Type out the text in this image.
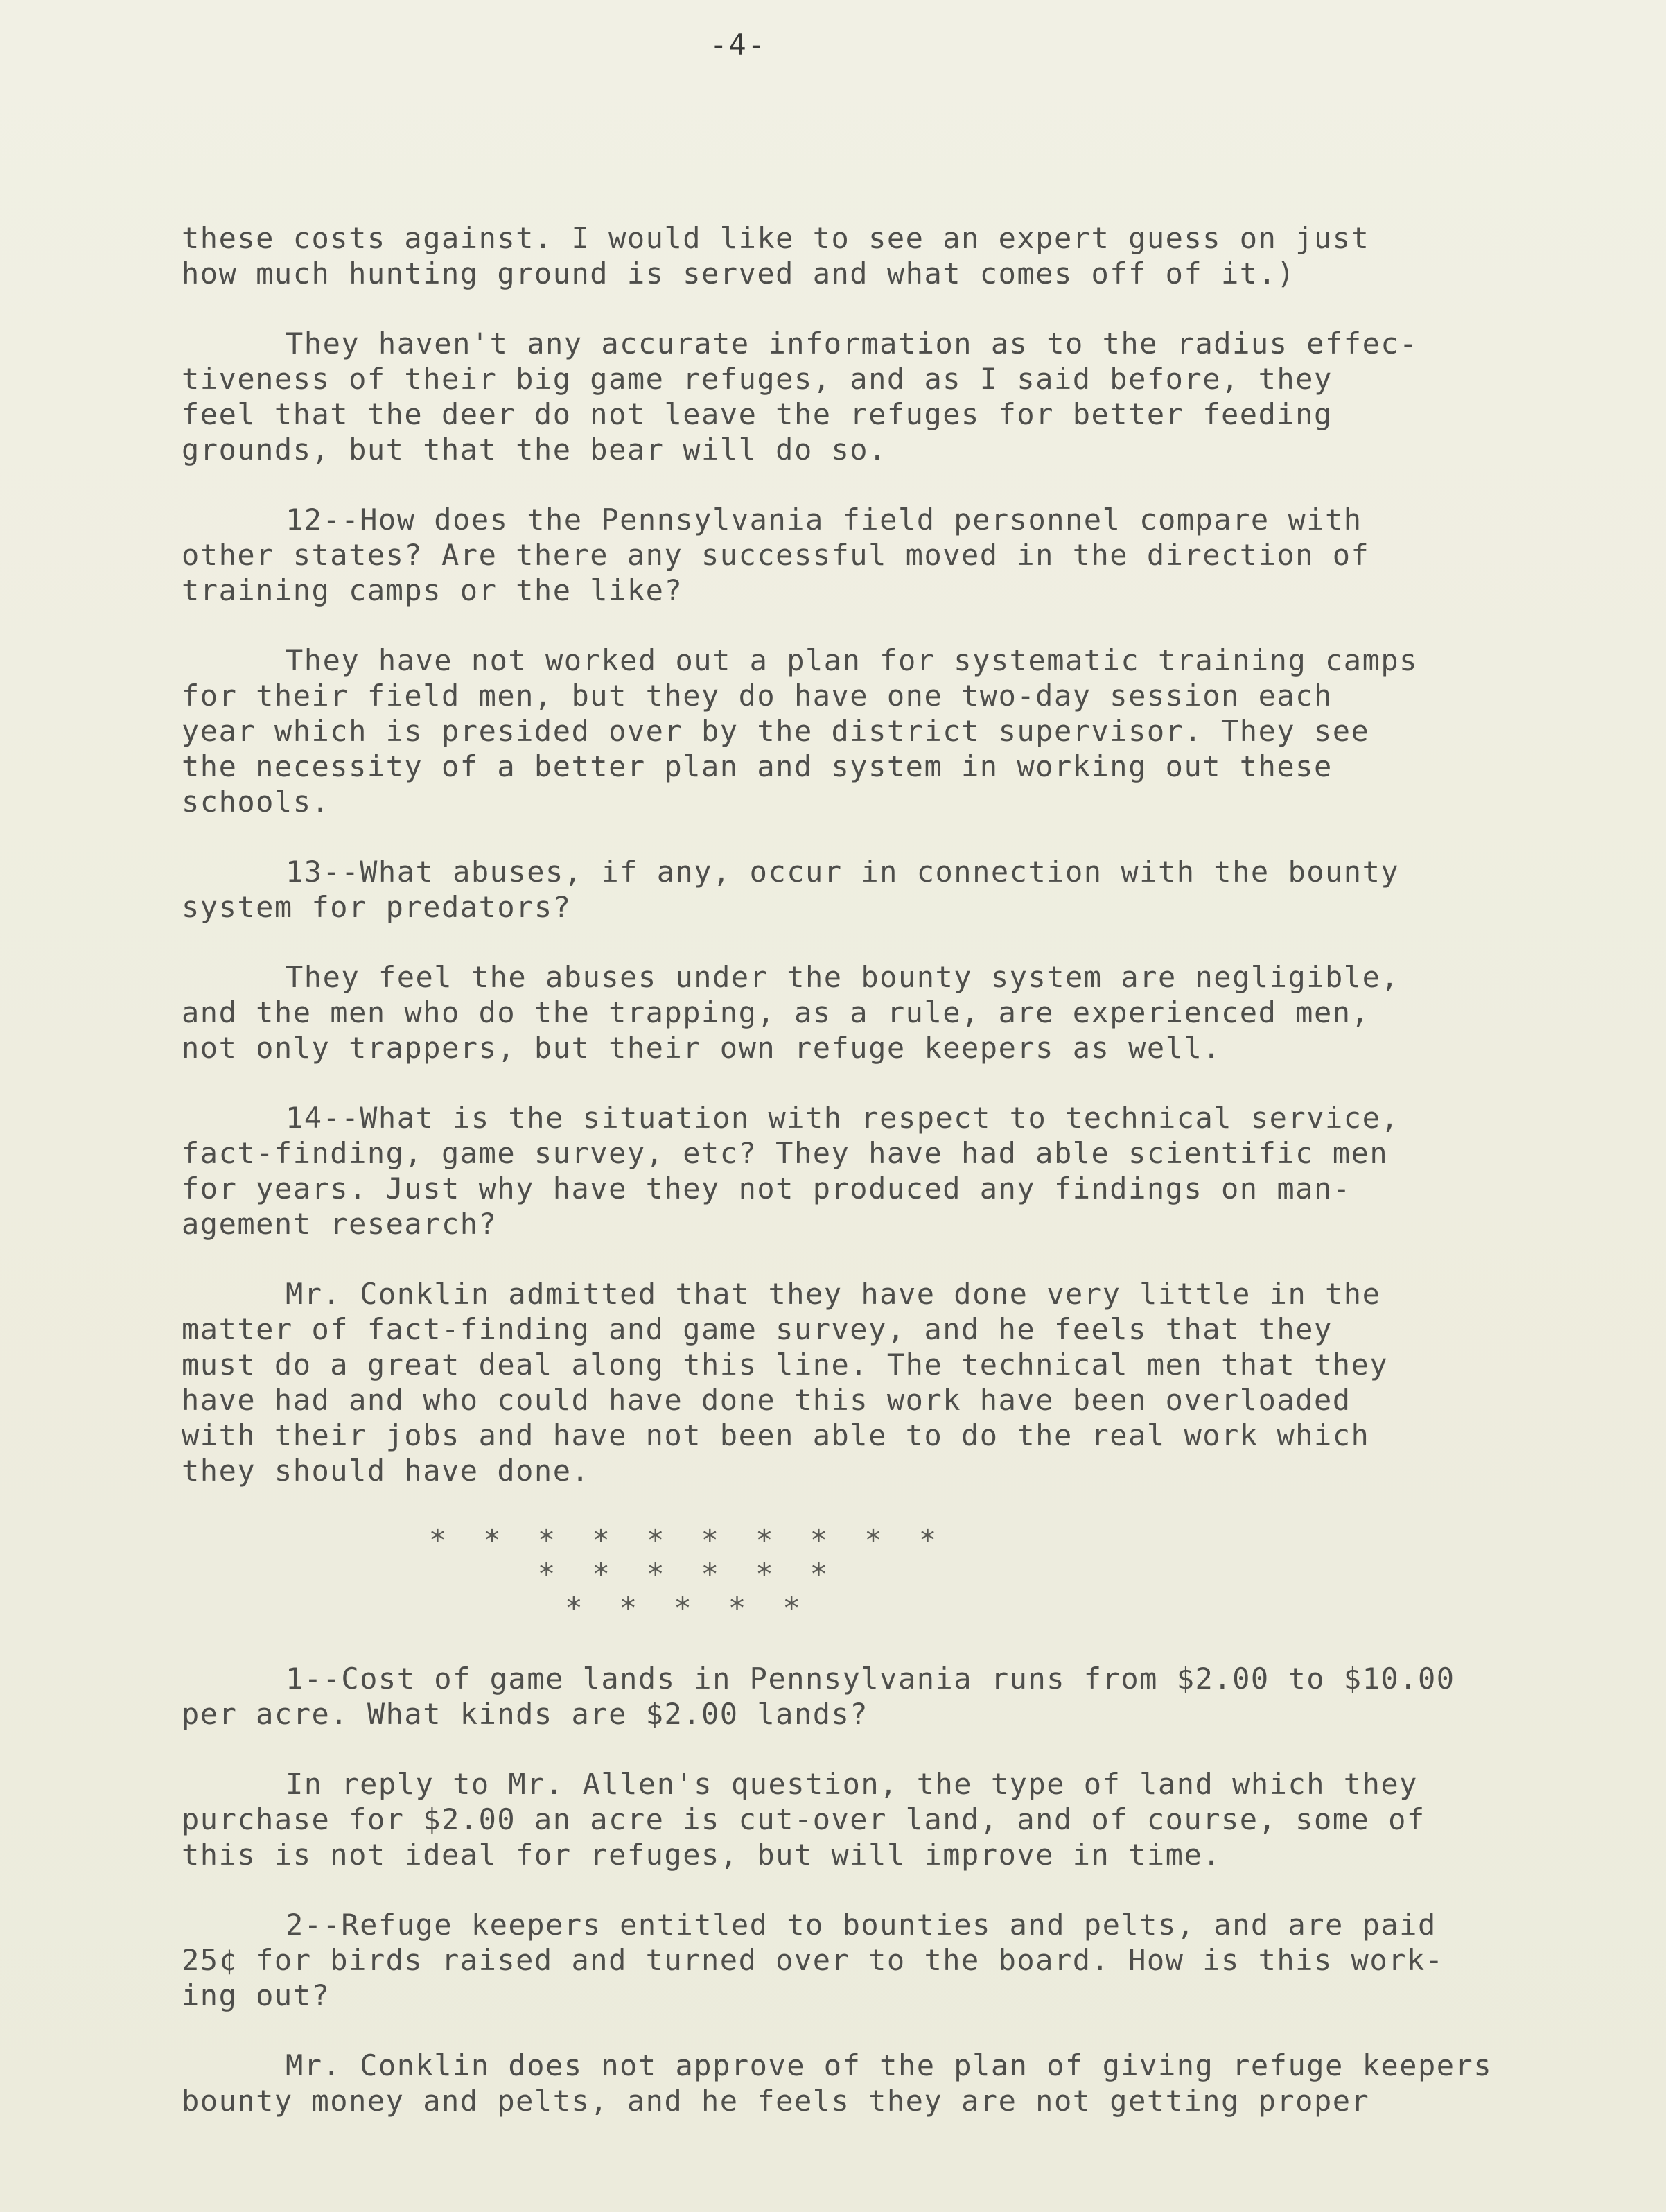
-4-

these costs against. I would like to see an expert guess on just
how much hunting ground is served and what comes off of it.)

They haven't any accurate information as to the radius effec-
tiveness of their big game refuges, and as I said before, they
feel that the deer do not leave the refuges for better feeding
grounds, but that the bear will do so.

12--How does the Pennsylvania field personnel compare with
other states? Are there any successful moved in the direction of
training camps or the like?

They have not worked out a plan for systematic training camps
for their field men, but they do have one two-day session each
year which is presided over by the district supervisor. They see
the necessity of a better plan and system in working out these
schools.

13--What abuses, if any, occur in connection with the bounty
system for predators?

They feel the abuses under the bounty system are negligible,
and the men who do the trapping, as a rule, are experienced men,
not only trappers, but their own refuge keepers as well.

14--What is the situation with respect to technical service,
fact-finding, game survey, etc? They have had able scientific men
for years. Just why have they not produced any findings on man-
agement research?

Mr. Conklin admitted that they have done very little in the
matter of fact-finding and game survey, and he feels that they
must do a great deal along this line. The technical men that they
have had and who could have done this work have been overloaded
with their jobs and have not been able to do the real work which
they should have done.

* * * * * * * * * *
* * * * * *
* * * * *

1--Cost of game lands in Pennsylvania runs from $2.00 to $10.00
per acre. What kinds are $2.00 lands?

In reply to Mr. Allen's question, the type of land which they
purchase for $2.00 an acre is cut-over land, and of course, some of
this is not ideal for refuges, but will improve in time.

2--Refuge keepers entitled to bounties and pelts, and are paid
25¢ for birds raised and turned over to the board. How is this work-
ing out?

Mr. Conklin does not approve of the plan of giving refuge keepers
bounty money and pelts, and he feels they are not getting proper
